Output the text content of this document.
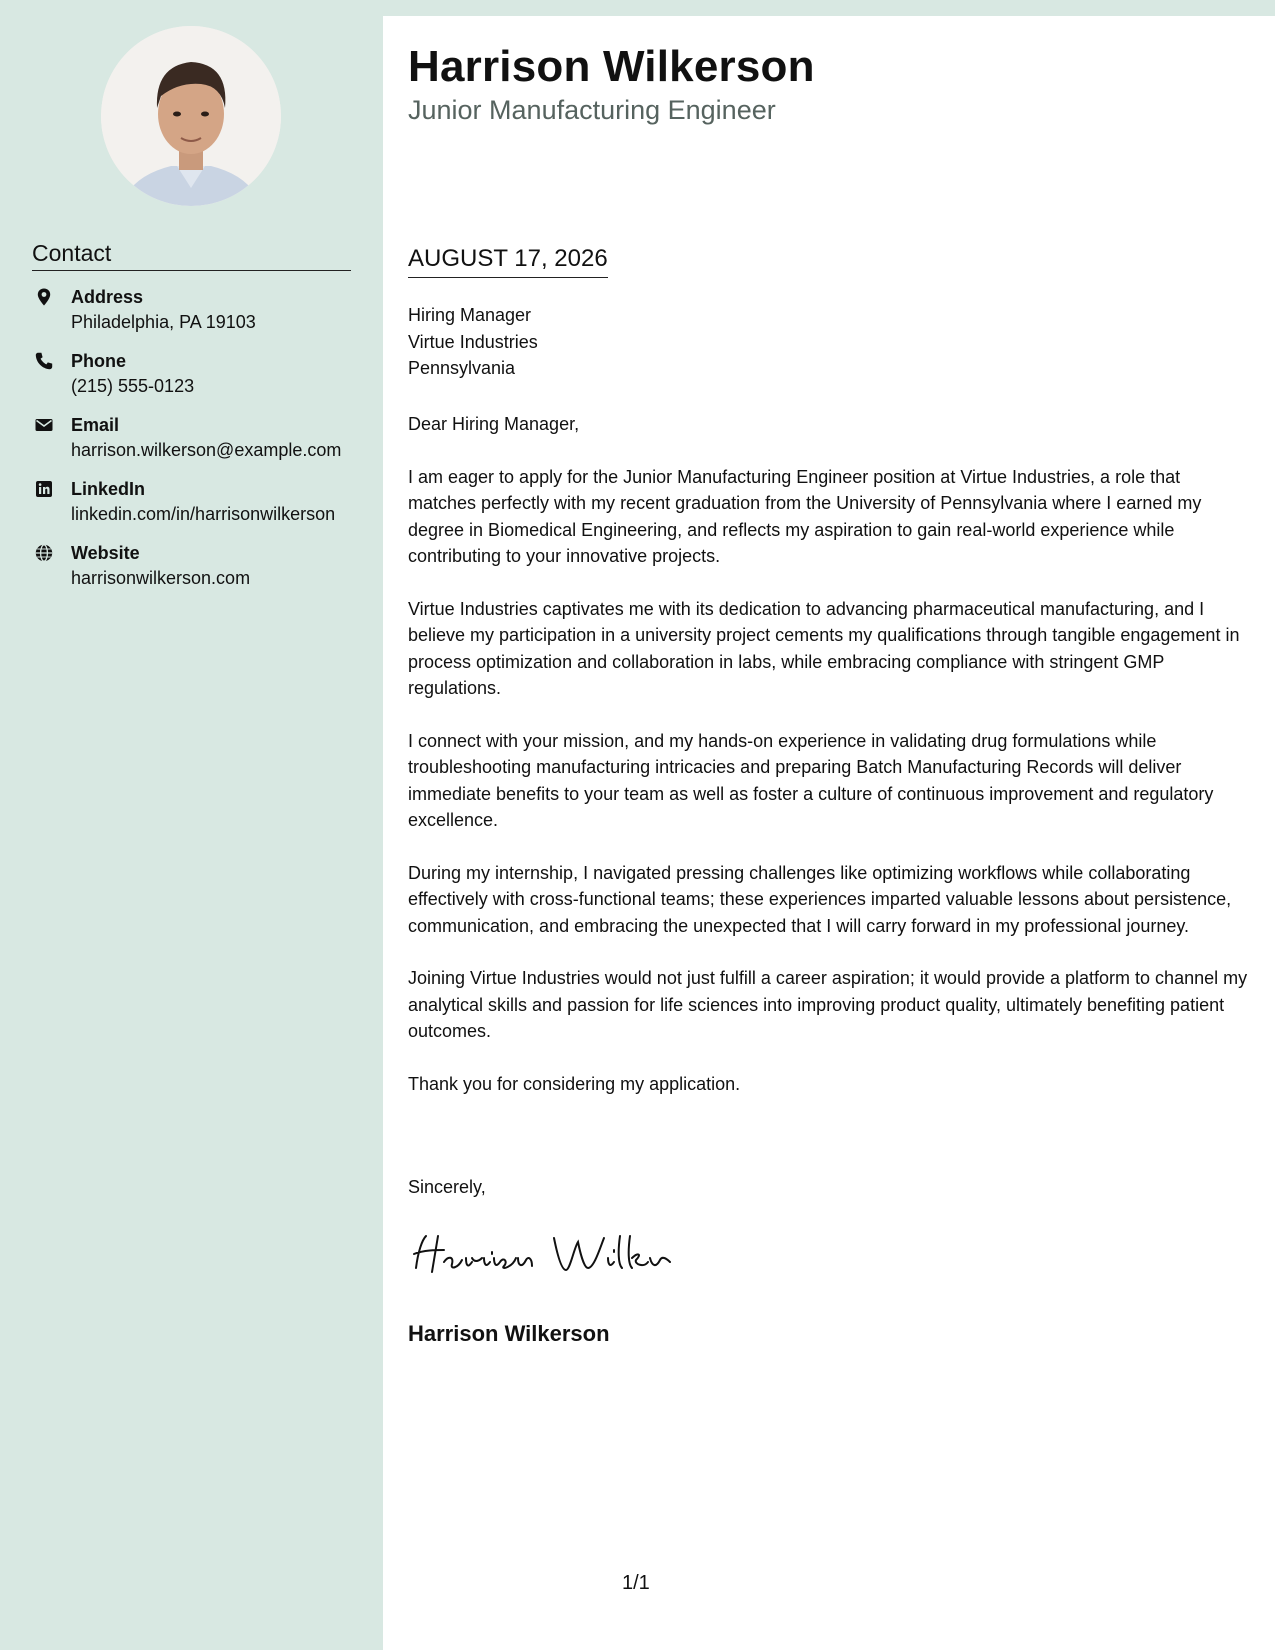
Contact
Address
Philadelphia, PA 19103
Phone
(215) 555-0123
Email
harrison.wilkerson@example.com
LinkedIn
linkedin.com/in/harrisonwilkerson
Website
harrisonwilkerson.com
Harrison Wilkerson
Junior Manufacturing Engineer
AUGUST 17, 2026
Hiring Manager
Virtue Industries
Pennsylvania

Dear Hiring Manager,

I am eager to apply for the Junior Manufacturing Engineer position at Virtue Industries, a role that matches perfectly with my recent graduation from the University of Pennsylvania where I earned my degree in Biomedical Engineering, and reflects my aspiration to gain real-world experience while contributing to your innovative projects.

Virtue Industries captivates me with its dedication to advancing pharmaceutical manufacturing, and I believe my participation in a university project cements my qualifications through tangible engagement in process optimization and collaboration in labs, while embracing compliance with stringent GMP regulations.

I connect with your mission, and my hands-on experience in validating drug formulations while troubleshooting manufacturing intricacies and preparing Batch Manufacturing Records will deliver immediate benefits to your team as well as foster a culture of continuous improvement and regulatory excellence.

During my internship, I navigated pressing challenges like optimizing workflows while collaborating effectively with cross-functional teams; these experiences imparted valuable lessons about persistence, communication, and embracing the unexpected that I will carry forward in my professional journey.

Joining Virtue Industries would not just fulfill a career aspiration; it would provide a platform to channel my analytical skills and passion for life sciences into improving product quality, ultimately benefiting patient outcomes.

Thank you for considering my application.

Sincerely,
Harrison Wilkerson
1/1
